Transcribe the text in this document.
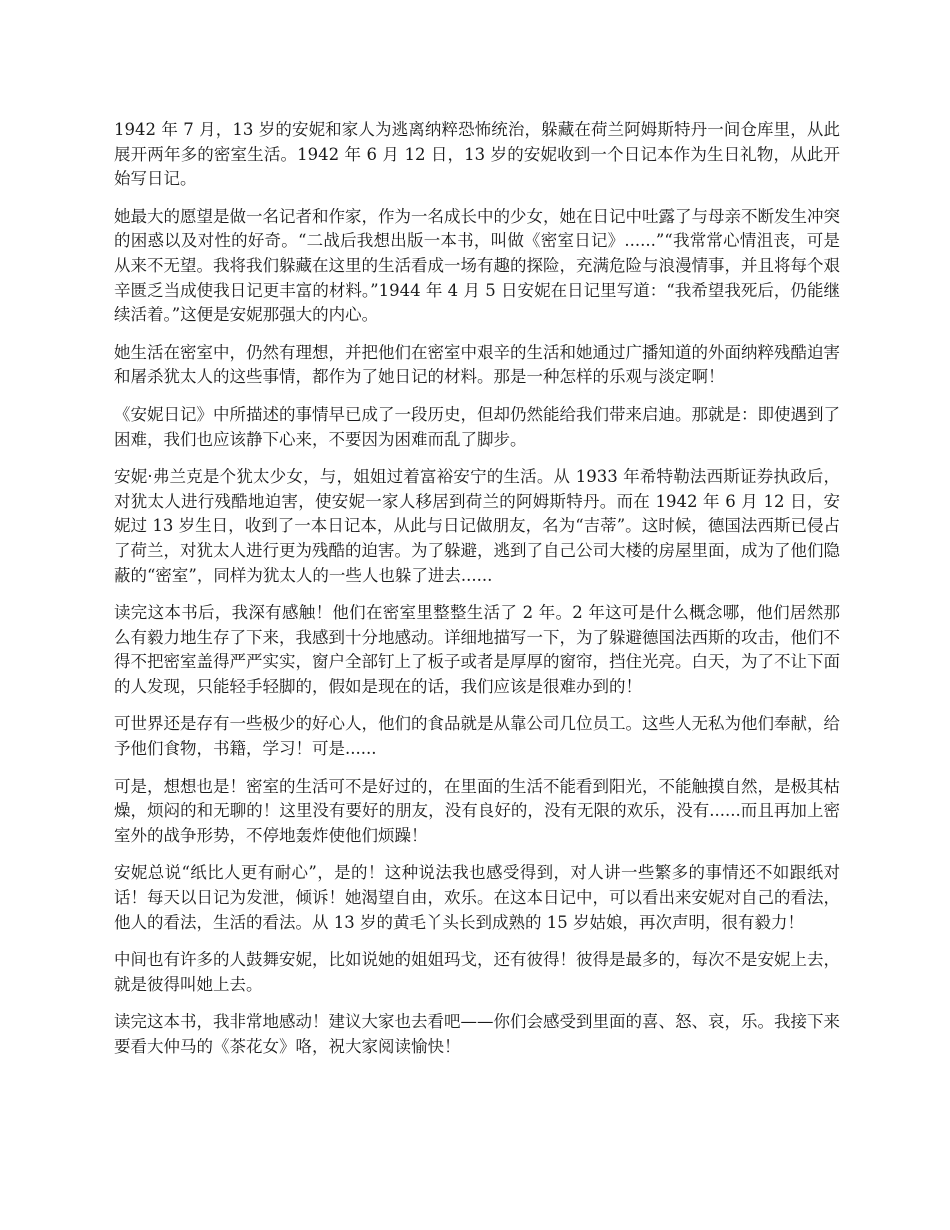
1942 年 7 月，13 岁的安妮和家人为逃离纳粹恐怖统治，躲藏在荷兰阿姆斯特丹一间仓库里，从此展开两年多的密室生活。1942 年 6 月 12 日，13 岁的安妮收到一个日记本作为生日礼物，从此开始写日记。

她最大的愿望是做一名记者和作家，作为一名成长中的少女，她在日记中吐露了与母亲不断发生冲突的困惑以及对性的好奇。“二战后我想出版一本书，叫做《密室日记》......”“我常常心情沮丧，可是从来不无望。我将我们躲藏在这里的生活看成一场有趣的探险，充满危险与浪漫情事，并且将每个艰辛匮乏当成使我日记更丰富的材料。”1944 年 4 月 5 日安妮在日记里写道：“我希望我死后，仍能继续活着。”这便是安妮那强大的内心。

她生活在密室中，仍然有理想，并把他们在密室中艰辛的生活和她通过广播知道的外面纳粹残酷迫害和屠杀犹太人的这些事情，都作为了她日记的材料。那是一种怎样的乐观与淡定啊！

《安妮日记》中所描述的事情早已成了一段历史，但却仍然能给我们带来启迪。那就是：即使遇到了困难，我们也应该静下心来，不要因为困难而乱了脚步。

安妮·弗兰克是个犹太少女，与，姐姐过着富裕安宁的生活。从 1933 年希特勒法西斯证券执政后，对犹太人进行残酷地迫害，使安妮一家人移居到荷兰的阿姆斯特丹。而在 1942 年 6 月 12 日，安妮过 13 岁生日，收到了一本日记本，从此与日记做朋友，名为“吉蒂”。这时候，德国法西斯已侵占了荷兰，对犹太人进行更为残酷的迫害。为了躲避，逃到了自己公司大楼的房屋里面，成为了他们隐蔽的“密室”，同样为犹太人的一些人也躲了进去......

读完这本书后，我深有感触！他们在密室里整整生活了 2 年。2 年这可是什么概念哪，他们居然那么有毅力地生存了下来，我感到十分地感动。详细地描写一下，为了躲避德国法西斯的攻击，他们不得不把密室盖得严严实实，窗户全部钉上了板子或者是厚厚的窗帘，挡住光亮。白天，为了不让下面的人发现，只能轻手轻脚的，假如是现在的话，我们应该是很难办到的！

可世界还是存有一些极少的好心人，他们的食品就是从靠公司几位员工。这些人无私为他们奉献，给予他们食物，书籍，学习！可是......

可是，想想也是！密室的生活可不是好过的，在里面的生活不能看到阳光，不能触摸自然，是极其枯燥，烦闷的和无聊的！这里没有要好的朋友，没有良好的，没有无限的欢乐，没有......而且再加上密室外的战争形势，不停地轰炸使他们烦躁！

安妮总说“纸比人更有耐心”，是的！这种说法我也感受得到，对人讲一些繁多的事情还不如跟纸对话！每天以日记为发泄，倾诉！她渴望自由，欢乐。在这本日记中，可以看出来安妮对自己的看法，他人的看法，生活的看法。从 13 岁的黄毛丫头长到成熟的 15 岁姑娘，再次声明，很有毅力！

中间也有许多的人鼓舞安妮，比如说她的姐姐玛戈，还有彼得！彼得是最多的，每次不是安妮上去，就是彼得叫她上去。

读完这本书，我非常地感动！建议大家也去看吧——你们会感受到里面的喜、怒、哀，乐。我接下来要看大仲马的《茶花女》咯，祝大家阅读愉快！
